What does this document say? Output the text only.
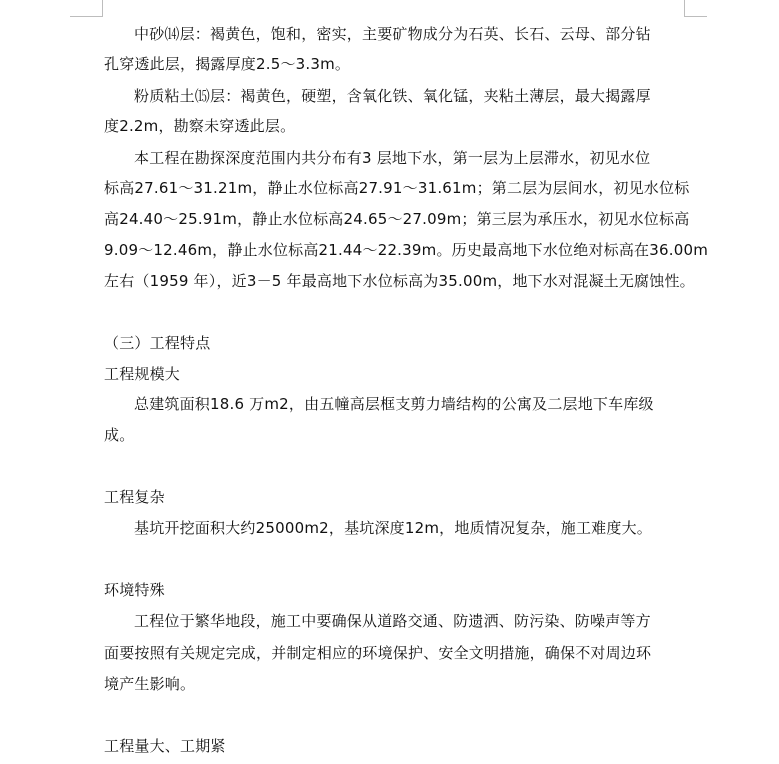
中砂⒁层：褐黄色，饱和，密实，主要矿物成分为石英、长石、云母、部分钻
孔穿透此层，揭露厚度2.5～3.3m。
粉质粘土⒂层：褐黄色，硬塑，含氧化铁、氧化锰，夹粘土薄层，最大揭露厚
度2.2m，勘察未穿透此层。
本工程在勘探深度范围内共分布有3 层地下水，第一层为上层滞水，初见水位
标高27.61～31.21m，静止水位标高27.91～31.61m；第二层为层间水，初见水位标
高24.40～25.91m，静止水位标高24.65～27.09m；第三层为承压水，初见水位标高
9.09～12.46m，静止水位标高21.44～22.39m。历史最高地下水位绝对标高在36.00m
左右（1959 年），近3－5 年最高地下水位标高为35.00m，地下水对混凝土无腐蚀性。
（三）工程特点
工程规模大
总建筑面积18.6 万m2，由五幢高层框支剪力墙结构的公寓及二层地下车库级
成。
工程复杂
基坑开挖面积大约25000m2，基坑深度12m，地质情况复杂，施工难度大。
环境特殊
工程位于繁华地段，施工中要确保从道路交通、防遗洒、防污染、防噪声等方
面要按照有关规定完成，并制定相应的环境保护、安全文明措施，确保不对周边环
境产生影响。
工程量大、工期紧
